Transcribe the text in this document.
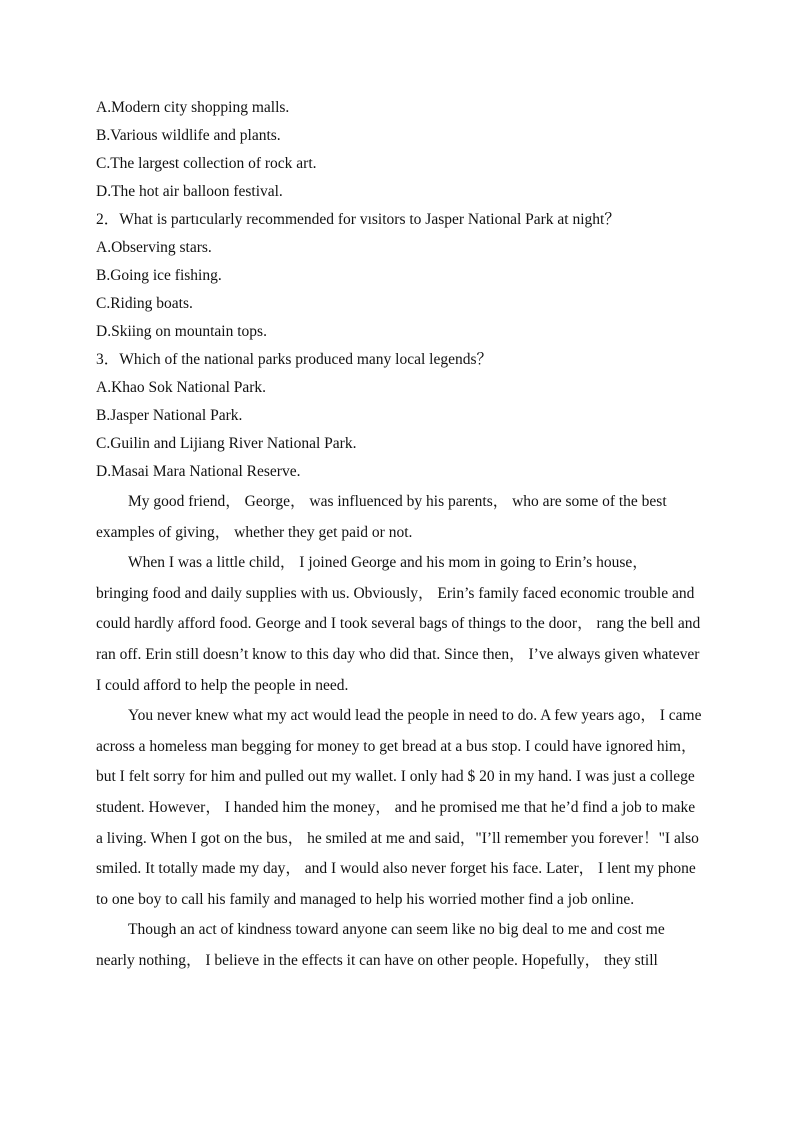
A.Modern city shopping malls.
B.Various wildlife and plants.
C.The largest collection of rock art.
D.The hot air balloon festival.
2．What is partıcularly recommended for vısitors to Jasper National Park at night？
A.Observing stars.
B.Going ice fishing.
C.Riding boats.
D.Skiing on mountain tops.
3．Which of the national parks produced many local legends？
A.Khao Sok National Park.
B.Jasper National Park.
C.Guilin and Lijiang River National Park.
D.Masai Mara National Reserve.

My good friend， George， was influenced by his parents， who are some of the best examples of giving， whether they get paid or not.

When I was a little child， I joined George and his mom in going to Erin’s house， bringing food and daily supplies with us. Obviously， Erin’s family faced economic trouble and could hardly afford food. George and I took several bags of things to the door， rang the bell and ran off. Erin still doesn’t know to this day who did that. Since then， I’ve always given whatever I could afford to help the people in need.

You never knew what my act would lead the people in need to do. A few years ago， I came across a homeless man begging for money to get bread at a bus stop. I could have ignored him， but I felt sorry for him and pulled out my wallet. I only had $ 20 in my hand. I was just a college student. However， I handed him the money， and he promised me that he’d find a job to make a living. When I got on the bus， he smiled at me and said，"I’ll remember you forever！"I also smiled. It totally made my day， and I would also never forget his face. Later， I lent my phone to one boy to call his family and managed to help his worried mother find a job online.

Though an act of kindness toward anyone can seem like no big deal to me and cost me nearly nothing， I believe in the effects it can have on other people. Hopefully， they still
